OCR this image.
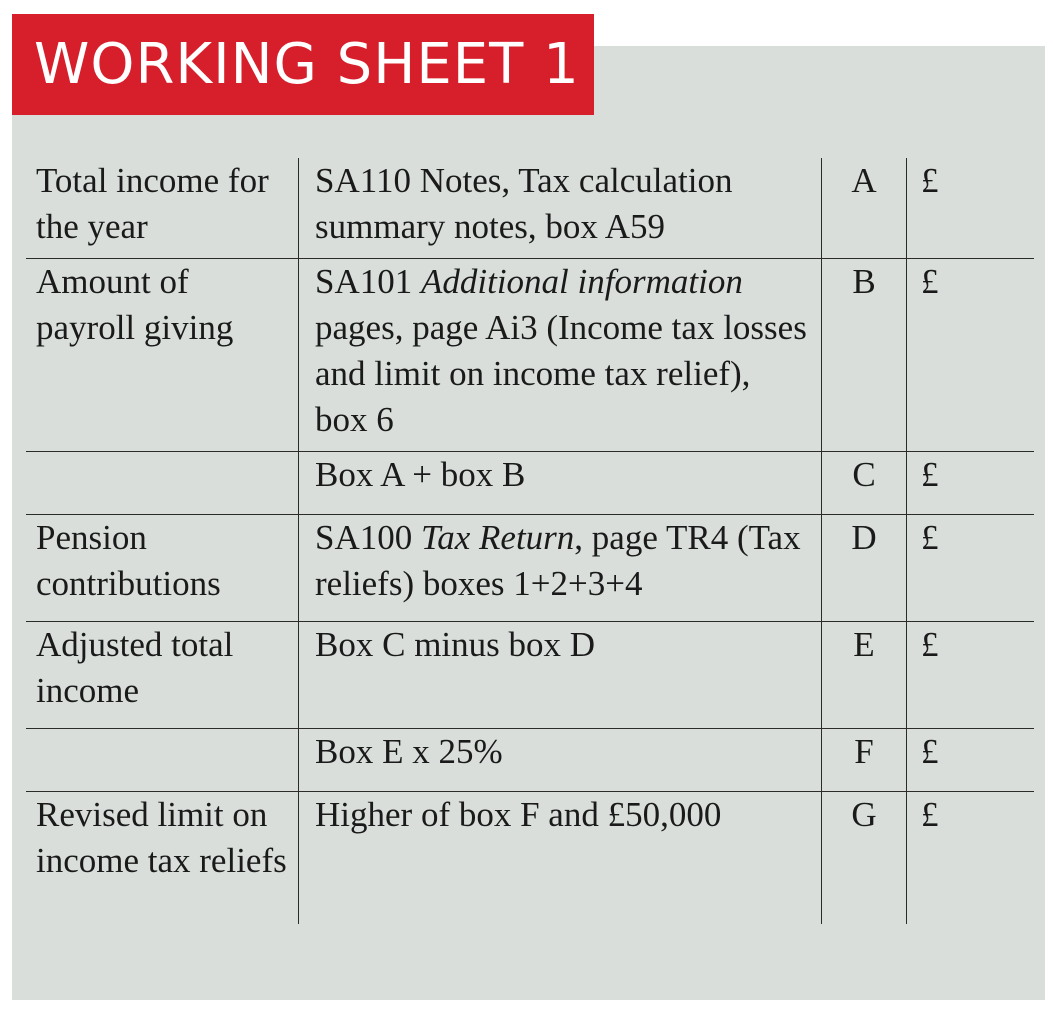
WORKING SHEET 1
Total income for the year	SA110 Notes, Tax calculation summary notes, box A59	A	£
Amount of payroll giving	SA101 Additional information pages, page Ai3 (Income tax losses and limit on income tax relief), box 6	B	£
	Box A + box B	C	£
Pension contributions	SA100 Tax Return, page TR4 (Tax reliefs) boxes 1+2+3+4	D	£
Adjusted total income	Box C minus box D	E	£
	Box E x 25%	F	£
Revised limit on income tax reliefs	Higher of box F and £50,000	G	£
